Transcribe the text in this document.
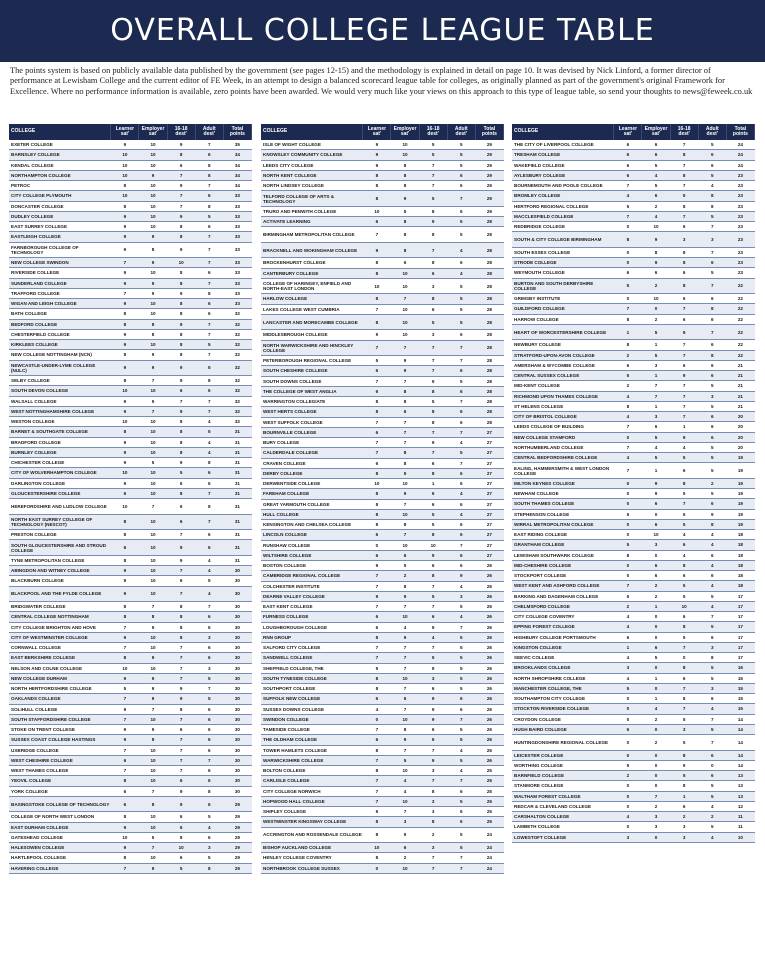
OVERALL COLLEGE LEAGUE TABLE
The points system is based on publicly available data published by the government (see pages 12-15) and the methodology is explained in detail on page 10. It was devised by Nick Linford, a former director of performance at Lewisham College and the current editor of FE Week, in an attempt to design a balanced scorecard league table for colleges, as originally planned as part of the government's original Framework for Excellence. Where no performance information is available, zero points have been awarded. We would very much like your views on this approach to this type of league table, so send your thoughts to news@feweek.co.uk
COLLEGE	Learner sat'	Employer sat'	16-18 dest'	Adult dest'	Total points
EXETER COLLEGE	9	10	9	7	35
BARNSLEY COLLEGE	10	10	8	6	34
KENDAL COLLEGE	10	10	6	8	34
NORTHAMPTON COLLEGE	10	9	7	8	34
PETROC	8	10	9	7	34
CITY COLLEGE PLYMOUTH	10	10	7	6	33
DONCASTER COLLEGE	8	10	7	8	33
DUDLEY COLLEGE	9	10	9	5	33
EAST SURREY COLLEGE	9	10	8	6	33
EASTLEIGH COLLEGE	9	9	8	7	33
FARNBOROUGH COLLEGE OF TECHNOLOGY	9	8	9	7	33
NEW COLLEGE SWINDON	7	9	10	7	33
RIVERSIDE COLLEGE	9	10	8	6	33
SUNDERLAND COLLEGE	9	9	8	7	33
TRAFFORD COLLEGE	7	9	9	8	33
WIGAN AND LEIGH COLLEGE	9	10	8	6	33
BATH COLLEGE	8	10	8	6	32
BEDFORD COLLEGE	8	8	9	7	32
CHESTERFIELD COLLEGE	9	8	8	7	32
KIRKLEES COLLEGE	9	10	8	5	32
NEW COLLEGE NOTTINGHAM (NCN)	8	9	8	7	32
NEWCASTLE-UNDER-LYME COLLEGE (NULC)	9	9	9	5	32
SELBY COLLEGE	8	7	9	8	32
SOUTH DEVON COLLEGE	10	10	6	6	32
WALSALL COLLEGE	9	9	7	7	32
WEST NOTTINGHAMSHIRE COLLEGE	9	7	9	7	32
WESTON COLLEGE	10	10	8	4	32
BARNET & SOUTHGATE COLLEGE	8	10	8	5	31
BRADFORD COLLEGE	9	10	8	4	31
BURNLEY COLLEGE	9	10	8	4	31
CHICHESTER COLLEGE	9	5	9	8	31
CITY OF WOLVERHAMPTON COLLEGE	10	10	5	6	31
DARLINGTON COLLEGE	9	10	6	6	31
GLOUCESTERSHIRE COLLEGE	6	10	8	7	31
HEREFORDSHIRE AND LUDLOW COLLEGE	10	7	6	8	31
NORTH EAST SURREY COLLEGE OF TECHNOLOGY (NESCOT)	8	10	6	7	31
PRESTON COLLEGE	8	10	7	6	31
SOUTH GLOUCESTERSHIRE AND STROUD COLLEGE	6	10	9	6	31
TYNE METROPOLITAN COLLEGE	8	10	9	4	31
ABINGDON AND WITNEY COLLEGE	9	10	7	4	30
BLACKBURN COLLEGE	9	10	6	5	30
BLACKPOOL AND THE FYLDE COLLEGE	9	10	7	4	30
BRIDGWATER COLLEGE	8	7	8	7	30
CENTRAL COLLEGE NOTTINGHAM	8	8	8	6	30
CITY COLLEGE BRIGHTON AND HOVE	7	9	8	6	30
CITY OF WESTMINSTER COLLEGE	9	10	8	3	30
CORNWALL COLLEGE	7	10	7	6	30
EAST BERKSHIRE COLLEGE	8	9	7	6	30
NELSON AND COLNE COLLEGE	10	10	7	3	30
NEW COLLEGE DURHAM	9	9	7	5	30
NORTH HERTFORDSHIRE COLLEGE	5	9	9	7	30
OAKLANDS COLLEGE	7	9	9	5	30
SOLIHULL COLLEGE	9	7	8	6	30
SOUTH STAFFORDSHIRE COLLEGE	7	10	7	6	30
STOKE ON TRENT COLLEGE	9	9	6	6	30
SUSSEX COAST COLLEGE HASTINGS	9	8	7	6	30
UXBRIDGE COLLEGE	7	10	7	6	30
WEST CHESHIRE COLLEGE	6	10	7	7	30
WEST THAMES COLLEGE	7	10	7	6	30
YEOVIL COLLEGE	8	10	6	6	30
YORK COLLEGE	6	7	9	8	30
BASINGSTOKE COLLEGE OF TECHNOLOGY	6	8	9	6	29
COLLEGE OF NORTH WEST LONDON	8	10	6	5	29
EAST DURHAM COLLEGE	9	10	6	4	29
GATESHEAD COLLEGE	10	5	8	6	29
HALESOWEN COLLEGE	9	7	10	3	29
HARTLEPOOL COLLEGE	8	10	6	5	29
HAVERING COLLEGE	7	9	5	8	29
COLLEGE	Learner sat'	Employer sat'	16-18 dest'	Adult dest'	Total points
ISLE OF WIGHT COLLEGE	9	10	5	5	29
KNOWSLEY COMMUNITY COLLEGE	9	10	5	5	29
LEEDS CITY COLLEGE	9	8	7	5	29
NORTH KENT COLLEGE	8	8	7	6	29
NORTH LINDSEY COLLEGE	8	8	7	6	29
TELFORD COLLEGE OF ARTS & TECHNOLOGY	8	9	5	7	29
TRURO AND PENWITH COLLEGE	10	5	8	6	29
ACTIVATE LEARNING	6	8	9	5	28
BIRMINGHAM METROPOLITAN COLLEGE	7	8	8	5	28
BRACKNELL AND WOKINGHAM COLLEGE	9	8	7	4	28
BROCKENHURST COLLEGE	8	6	8	6	28
CANTERBURY COLLEGE	8	10	6	4	28
COLLEGE OF HARINGEY, ENFIELD AND NORTH-EAST LONDON	10	10	3	5	28
HARLOW COLLEGE	8	7	8	5	28
LAKES COLLEGE WEST CUMBRIA	7	10	6	5	28
LANCASTER AND MORECAMBE COLLEGE	8	10	5	5	28
MIDDLESBROUGH COLLEGE	9	10	3	6	28
NORTH WARWICKSHIRE AND HINCKLEY COLLEGE	7	7	7	7	28
PETERBOROUGH REGIONAL COLLEGE	5	9	7	7	28
SOUTH CHESHIRE COLLEGE	6	9	7	6	28
SOUTH DOWNS COLLEGE	7	7	9	5	28
THE COLLEGE OF WEST ANGLIA	6	8	8	6	28
WARRINGTON COLLEGIATE	8	8	5	7	28
WEST HERTS COLLEGE	8	6	8	6	28
WEST SUFFOLK COLLEGE	7	7	8	6	28
BOURNVILLE COLLEGE	6	7	7	7	27
BURY COLLEGE	7	7	9	4	27
CALDERDALE COLLEGE	7	8	7	5	27
CRAVEN COLLEGE	6	8	6	7	27
DERBY COLLEGE	8	5	8	6	27
DERWENTSIDE COLLEGE	10	10	1	6	27
FAREHAM COLLEGE	8	9	6	4	27
GREAT YARMOUTH COLLEGE	8	7	6	6	27
HULL COLLEGE	8	10	5	4	27
KENSINGTON AND CHELSEA COLLEGE	8	8	5	6	27
LINCOLN COLLEGE	6	7	8	6	27
RUNSHAW COLLEGE	0	10	10	7	27
WILTSHIRE COLLEGE	6	6	9	6	27
BOSTON COLLEGE	9	5	6	6	26
CAMBRIDGE REGIONAL COLLEGE	7	2	8	9	26
COLCHESTER INSTITUTE	7	8	7	4	26
DEARNE VALLEY COLLEGE	9	9	5	3	26
EAST KENT COLLEGE	7	7	7	5	26
FURNESS COLLEGE	6	10	6	4	26
LOUGHBOROUGH COLLEGE	6	4	9	7	26
RNN GROUP	8	9	4	5	26
SALFORD CITY COLLEGE	7	7	7	5	26
SANDWELL COLLEGE	7	7	5	5	26
SHEFFIELD COLLEGE, THE	5	7	9	5	26
SOUTH TYNESIDE COLLEGE	8	10	3	5	26
SOUTHPORT COLLEGE	8	7	6	5	26
SUFFOLK NEW COLLEGE	6	5	9	6	26
SUSSEX DOWNS COLLEGE	4	7	9	6	26
SWINDON COLLEGE	0	10	9	7	26
TAMESIDE COLLEGE	7	8	6	5	26
THE OLDHAM COLLEGE	6	9	6	5	26
TOWER HAMLETS COLLEGE	8	7	7	4	26
WARWICKSHIRE COLLEGE	7	5	9	5	26
BOLTON COLLEGE	8	10	3	4	25
CARLISLE COLLEGE	7	4	7	7	25
CITY COLLEGE NORWICH	7	4	8	6	25
HOPWOOD HALL COLLEGE	7	10	3	5	25
SHIPLEY COLLEGE	9	7	3	6	25
WESTMINSTER KINGSWAY COLLEGE	8	3	8	6	25
ACCRINGTON AND ROSSENDALE COLLEGE	8	9	2	5	24
BISHOP AUCKLAND COLLEGE	10	6	3	5	24
HENLEY COLLEGE COVENTRY	8	2	7	7	24
NORTHBROOK COLLEGE SUSSEX	0	10	7	7	24
COLLEGE	Learner sat'	Employer sat'	16-18 dest'	Adult dest'	Total points
THE CITY OF LIVERPOOL COLLEGE	6	6	7	5	24
TRESHAM COLLEGE	6	6	8	6	24
WAKEFIELD COLLEGE	6	5	7	6	24
AYLESBURY COLLEGE	6	4	8	5	23
BOURNEMOUTH AND POOLE COLLEGE	7	5	7	4	23
BROMLEY COLLEGE	4	6	5	8	23
HERTFORD REGIONAL COLLEGE	5	2	8	8	23
MACCLESFIELD COLLEGE	7	4	7	5	23
REDBRIDGE COLLEGE	0	10	6	7	23
SOUTH & CITY COLLEGE BIRMINGHAM	8	9	3	3	23
SOUTH ESSEX COLLEGE	0	8	8	7	23
STRODE COLLEGE	0	9	8	6	23
WEYMOUTH COLLEGE	6	6	6	5	23
BURTON AND SOUTH DERBYSHIRE COLLEGE	5	2	8	7	22
GRIMSBY INSTITUTE	0	10	6	6	22
GUILDFORD COLLEGE	7	0	7	8	22
HARROW COLLEGE	8	2	6	6	22
HEART OF WORCESTERSHIRE COLLEGE	1	5	9	7	22
NEWBURY COLLEGE	8	1	7	6	22
STRATFORD-UPON-AVON COLLEGE	2	5	7	8	22
AMERSHAM & WYCOMBE COLLEGE	6	3	6	6	21
CENTRAL SUSSEX COLLEGE	5	1	9	6	21
MID-KENT COLLEGE	2	7	7	5	21
RICHMOND UPON THAMES COLLEGE	4	7	7	3	21
ST HELENS COLLEGE	8	1	7	5	21
CITY OF BRISTOL COLLEGE	4	3	7	6	20
LEEDS COLLEGE OF BUILDING	7	6	1	6	20
NEW COLLEGE STAMFORD	0	5	9	6	20
NORTHUMBERLAND COLLEGE	7	4	4	5	20
CENTRAL BEDFORDSHIRE COLLEGE	4	5	5	5	19
EALING, HAMMERSMITH & WEST LONDON COLLEGE	7	1	6	5	19
MILTON KEYNES COLLEGE	0	9	8	2	19
NEWHAM COLLEGE	0	9	5	5	19
SOUTH THAMES COLLEGE	0	6	7	6	19
STEPHENSON COLLEGE	5	0	5	9	19
WIRRAL METROPOLITAN COLLEGE	0	6	5	8	19
EAST RIDING COLLEGE	0	10	4	4	18
GRANTHAM COLLEGE	5	3	6	4	18
LEWISHAM SOUTHWARK COLLEGE	8	0	4	6	18
MID-CHESHIRE COLLEGE	0	6	8	4	18
STOCKPORT COLLEGE	0	6	6	6	18
WEST KENT AND ASHFORD COLLEGE	7	2	5	4	18
BARKING AND DAGENHAM COLLEGE	5	2	5	5	17
CHELMSFORD COLLEGE	2	1	10	4	17
CITY COLLEGE COVENTRY	4	0	6	7	17
EPPING FOREST COLLEGE	4	0	8	5	17
HIGHBURY COLLEGE PORTSMOUTH	6	0	5	6	17
KINGSTON COLLEGE	1	6	7	3	17
SEEVIC COLLEGE	4	5	0	8	17
BROOKLANDS COLLEGE	3	0	8	5	16
NORTH SHROPSHIRE COLLEGE	4	1	6	5	16
MANCHESTER COLLEGE, THE	5	0	7	3	15
SOUTHAMPTON CITY COLLEGE	0	1	8	6	15
STOCKTON RIVERSIDE COLLEGE	0	4	7	4	15
CROYDON COLLEGE	0	2	5	7	14
HUGH BAIRD COLLEGE	6	0	3	5	14
HUNTINGDONSHIRE REGIONAL COLLEGE	0	2	5	7	14
LEICESTER COLLEGE	0	0	8	6	14
WORTHING COLLEGE	5	0	9	0	14
BARNFIELD COLLEGE	2	0	5	6	13
STANMORE COLLEGE	0	0	8	5	13
WALTHAM FOREST COLLEGE	0	7	1	5	13
REDCAR & CLEVELAND COLLEGE	0	2	6	4	12
CARSHALTON COLLEGE	4	3	2	2	11
LAMBETH COLLEGE	0	3	3	5	11
LOWESTOFT COLLEGE	3	0	3	4	10
